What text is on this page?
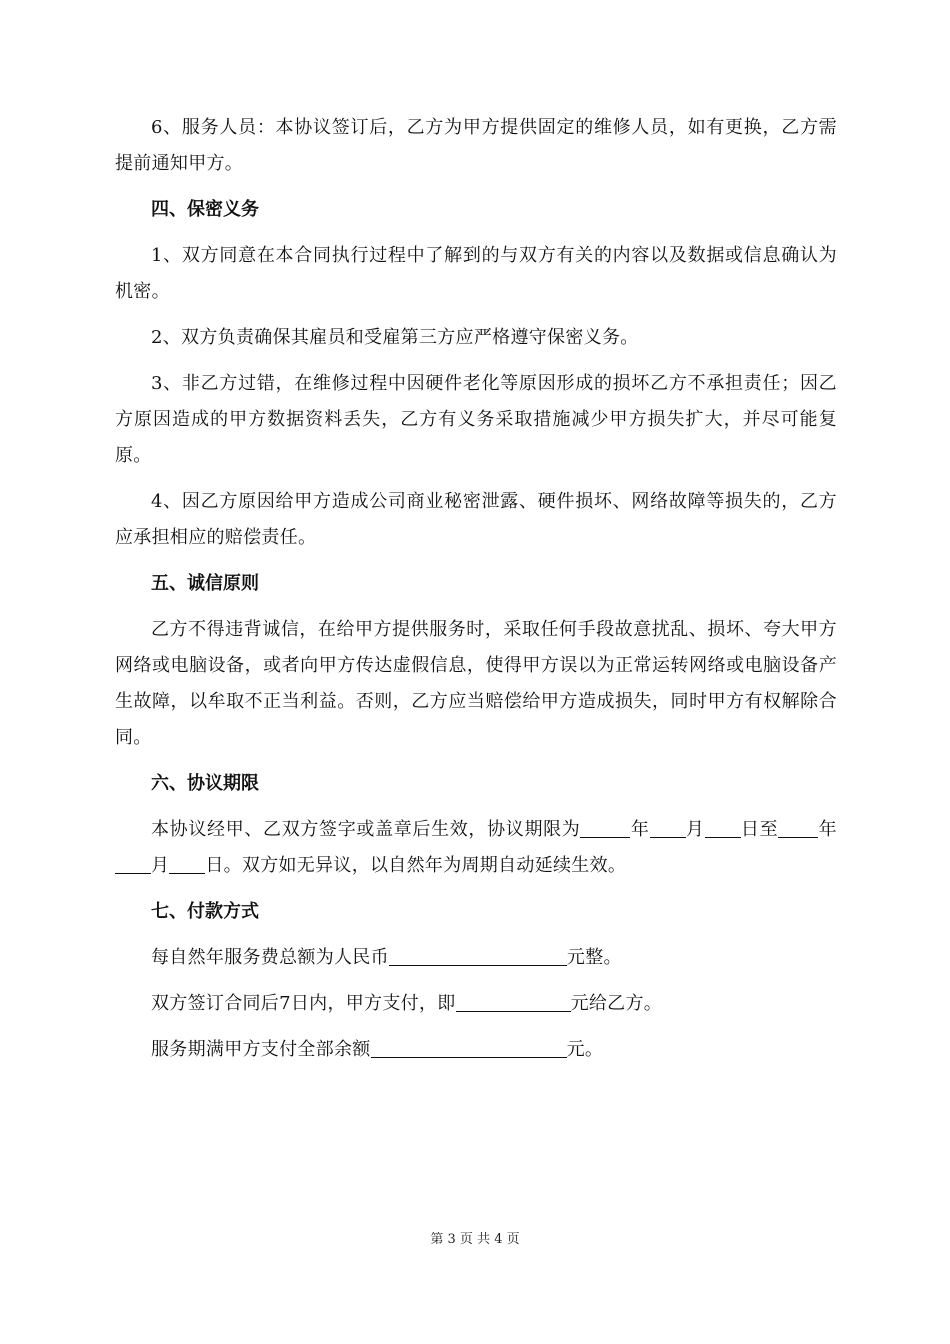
6、服务人员：本协议签订后，乙方为甲方提供固定的维修人员，如有更换，乙方需提前通知甲方。

四、保密义务

1、双方同意在本合同执行过程中了解到的与双方有关的内容以及数据或信息确认为机密。

2、双方负责确保其雇员和受雇第三方应严格遵守保密义务。

3、非乙方过错，在维修过程中因硬件老化等原因形成的损坏乙方不承担责任；因乙方原因造成的甲方数据资料丢失，乙方有义务采取措施减少甲方损失扩大，并尽可能复原。

4、因乙方原因给甲方造成公司商业秘密泄露、硬件损坏、网络故障等损失的，乙方应承担相应的赔偿责任。

五、诚信原则

乙方不得违背诚信，在给甲方提供服务时，采取任何手段故意扰乱、损坏、夸大甲方网络或电脑设备，或者向甲方传达虚假信息，使得甲方误以为正常运转网络或电脑设备产生故障，以牟取不正当利益。否则，乙方应当赔偿给甲方造成损失，同时甲方有权解除合同。

六、协议期限

本协议经甲、乙双方签字或盖章后生效，协议期限为	年 月 日至 年月 日。双方如无异议，以自然年为周期自动延续生效。

七、付款方式

每自然年服务费总额为人民币	元整。

双方签订合同后7日内，甲方支付，即	元给乙方。

服务期满甲方支付全部余额	元。

第 3 页 共 4 页
